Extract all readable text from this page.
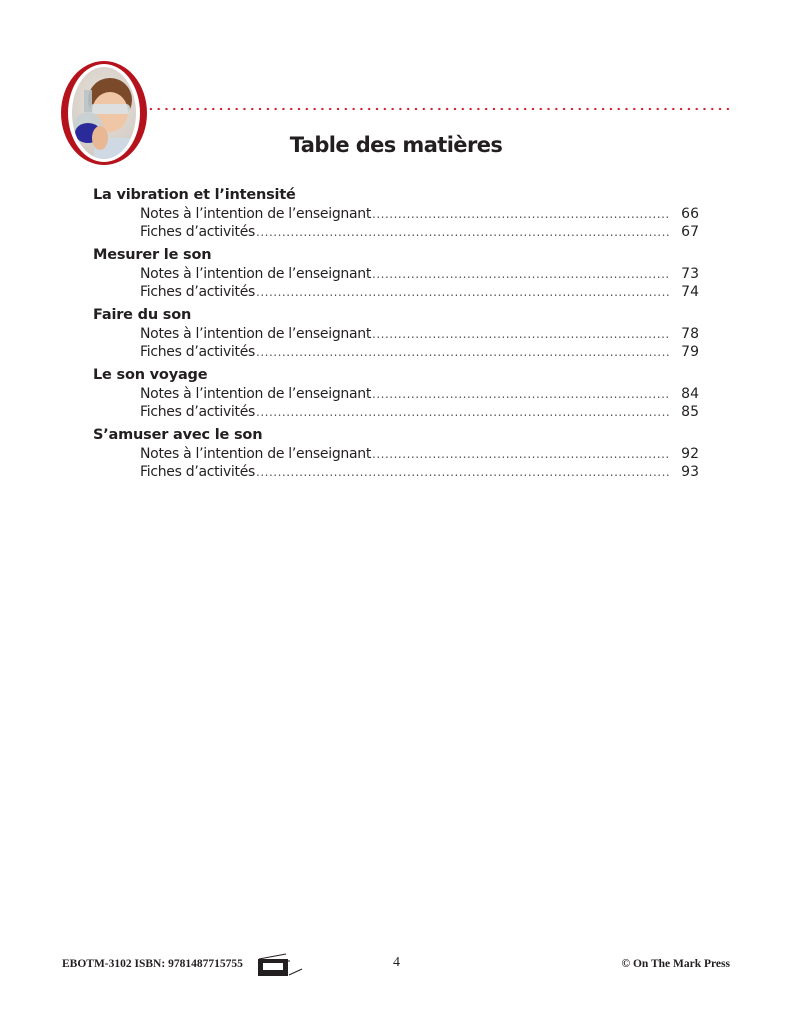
Table des matières
La vibration et l’intensité
Notes à l’intention de l’enseignant .....	66
Fiches d’activités .....	67
Mesurer le son
Notes à l’intention de l’enseignant .....	73
Fiches d’activités .....	74
Faire du son
Notes à l’intention de l’enseignant .....	78
Fiches d’activités .....	79
Le son voyage
Notes à l’intention de l’enseignant .....	84
Fiches d’activités .....	85
S’amuser avec le son
Notes à l’intention de l’enseignant .....	92
Fiches d’activités .....	93
EBOTM-3102 ISBN: 9781487715755	4	© On The Mark Press
